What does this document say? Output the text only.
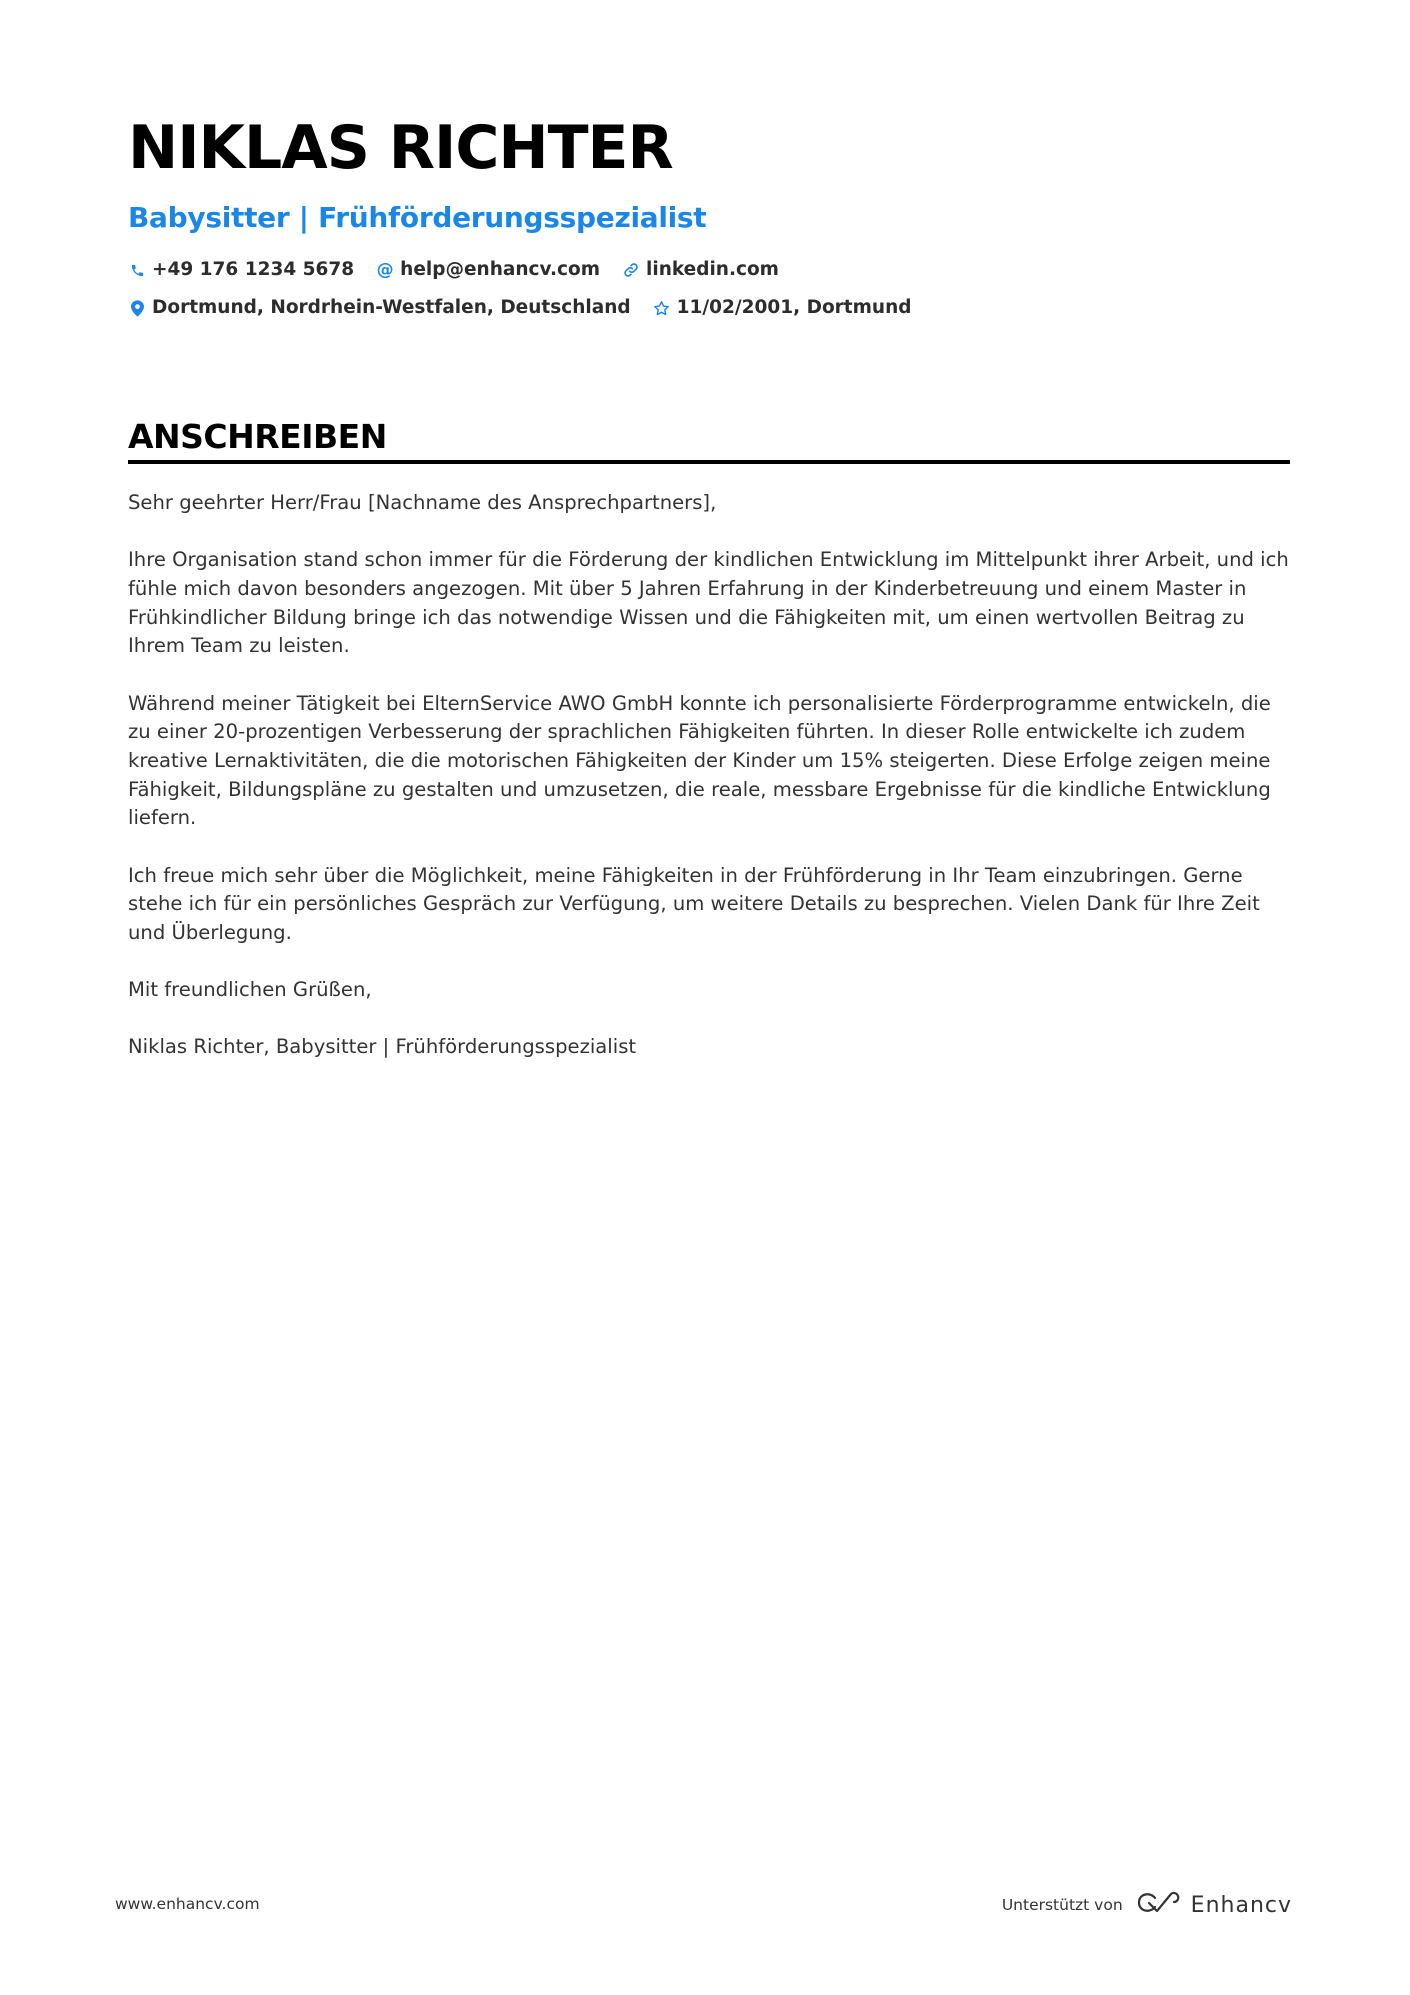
NIKLAS RICHTER
Babysitter | Frühförderungsspezialist
+49 176 1234 5678 @ help@enhancv.com linkedin.com
Dortmund, Nordrhein-Westfalen, Deutschland 11/02/2001, Dortmund
ANSCHREIBEN

Sehr geehrter Herr/Frau [Nachname des Ansprechpartners],

Ihre Organisation stand schon immer für die Förderung der kindlichen Entwicklung im Mittelpunkt ihrer Arbeit, und ich fühle mich davon besonders angezogen. Mit über 5 Jahren Erfahrung in der Kinderbetreuung und einem Master in Frühkindlicher Bildung bringe ich das notwendige Wissen und die Fähigkeiten mit, um einen wertvollen Beitrag zu Ihrem Team zu leisten.

Während meiner Tätigkeit bei ElternService AWO GmbH konnte ich personalisierte Förderprogramme entwickeln, die zu einer 20-prozentigen Verbesserung der sprachlichen Fähigkeiten führten. In dieser Rolle entwickelte ich zudem kreative Lernaktivitäten, die die motorischen Fähigkeiten der Kinder um 15% steigerten. Diese Erfolge zeigen meine Fähigkeit, Bildungspläne zu gestalten und umzusetzen, die reale, messbare Ergebnisse für die kindliche Entwicklung liefern.

Ich freue mich sehr über die Möglichkeit, meine Fähigkeiten in der Frühförderung in Ihr Team einzubringen. Gerne stehe ich für ein persönliches Gespräch zur Verfügung, um weitere Details zu besprechen. Vielen Dank für Ihre Zeit und Überlegung.

Mit freundlichen Grüßen,

Niklas Richter, Babysitter | Frühförderungsspezialist

www.enhancv.com	Unterstützt von	Enhancv
